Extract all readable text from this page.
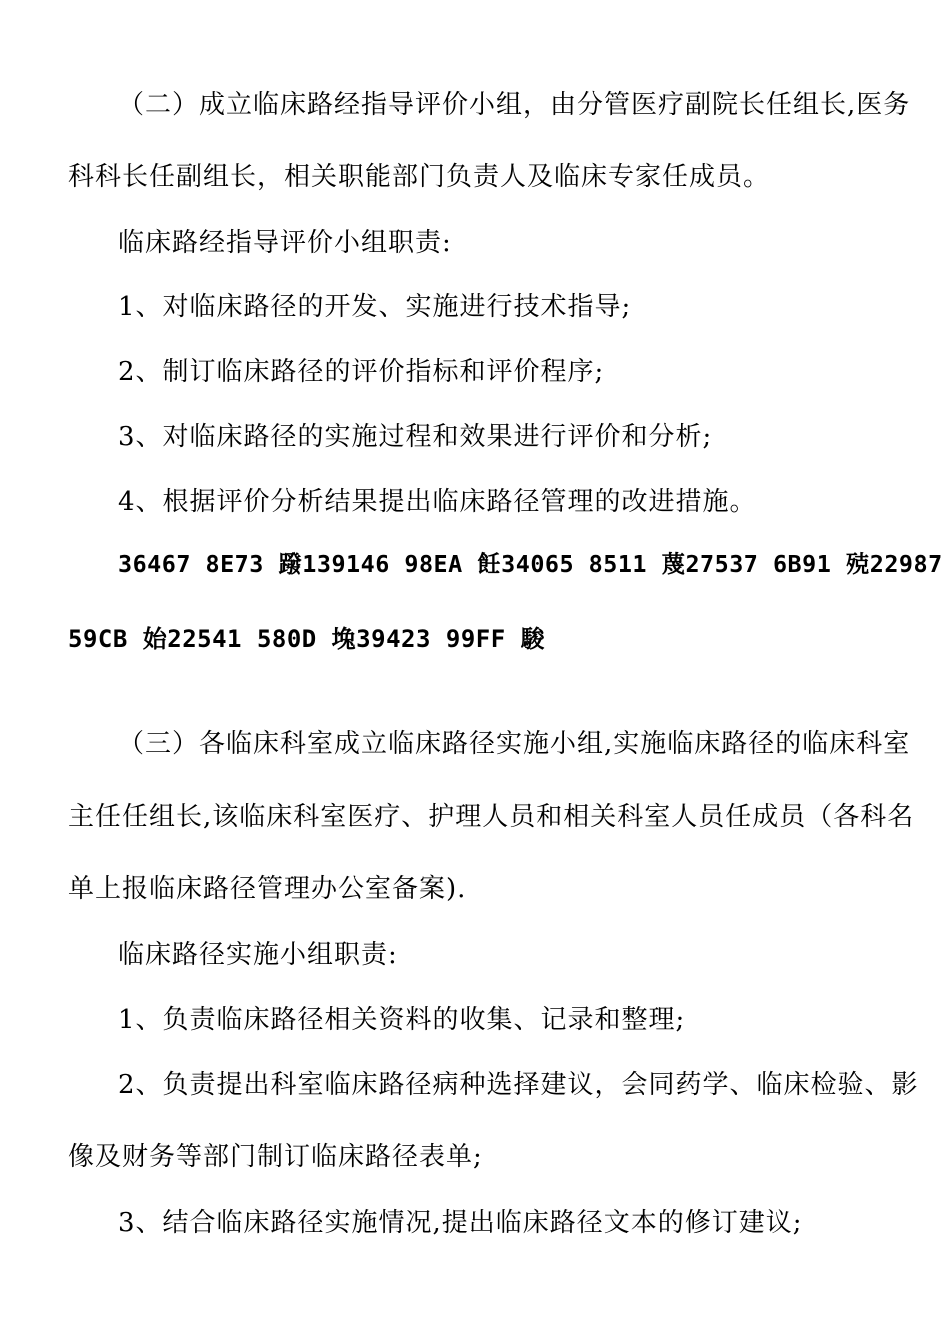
（二）成立临床路经指导评价小组，由分管医疗副院长任组长,医务
科科长任副组长，相关职能部门负责人及临床专家任成员。
临床路经指导评价小组职责:
1、对临床路径的开发、实施进行技术指导;
2、制订临床路径的评价指标和评价程序;
3、对临床路径的实施过程和效果进行评价和分析;
4、根据评价分析结果提出临床路径管理的改进措施。
36467 8E73 蹳139146 98EA 飪34065 8511 蔑27537 6B91 殑22987
59CB 始22541 580D 堍39423 99FF 駿
（三）各临床科室成立临床路径实施小组,实施临床路径的临床科室
主任任组长,该临床科室医疗、护理人员和相关科室人员任成员（各科名
单上报临床路径管理办公室备案).
临床路径实施小组职责:
1、负责临床路径相关资料的收集、记录和整理;
2、负责提出科室临床路径病种选择建议，会同药学、临床检验、影
像及财务等部门制订临床路径表单;
3、结合临床路径实施情况,提出临床路径文本的修订建议;
